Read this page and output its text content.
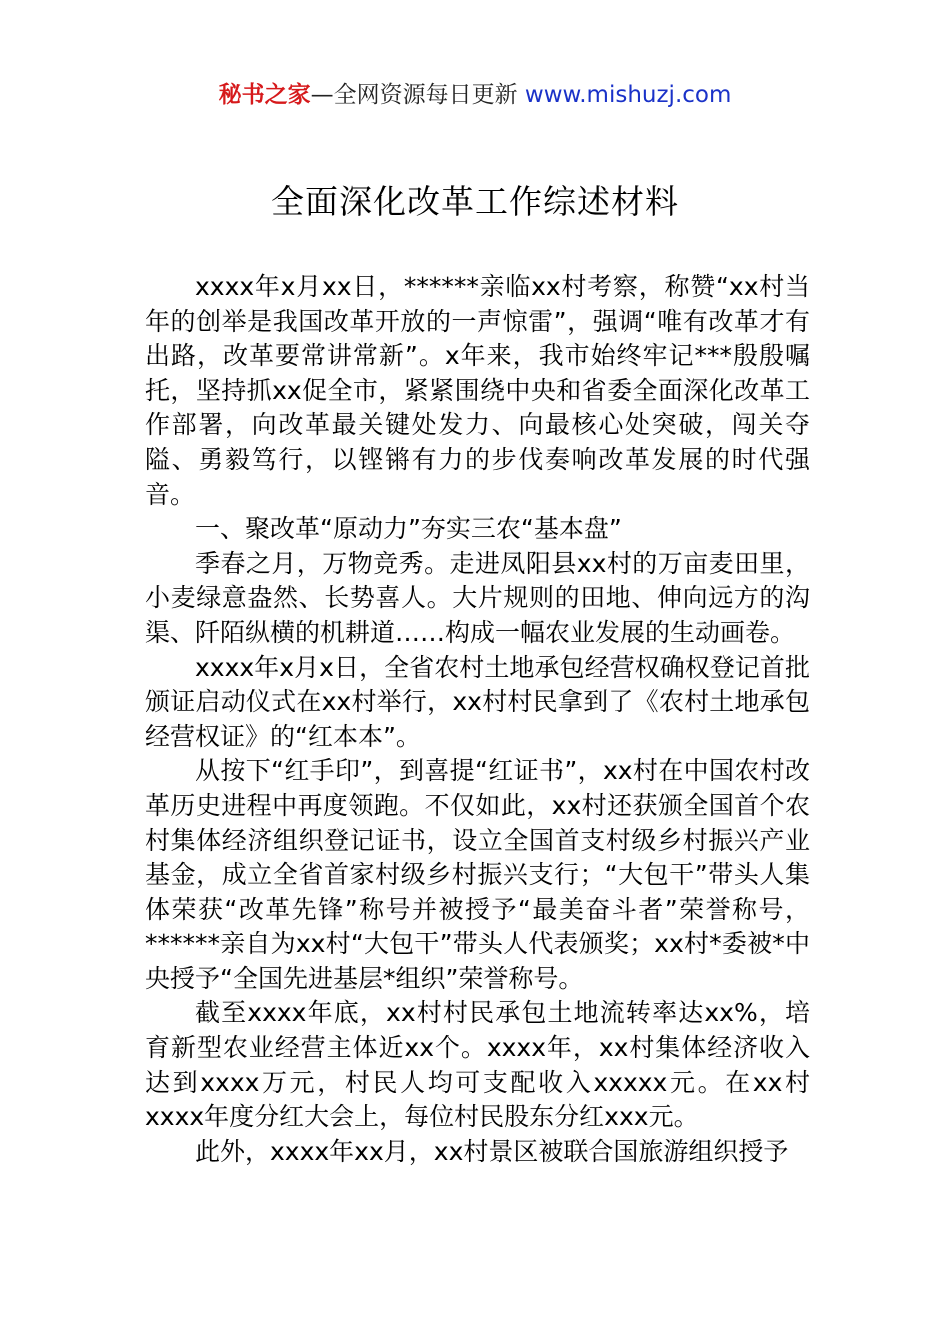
秘书之家—全网资源每日更新 www.mishuzj.com
全面深化改革工作综述材料

xxxx年x月xx日，******亲临xx村考察，称赞“xx村当年的创举是我国改革开放的一声惊雷”，强调“唯有改革才有出路，改革要常讲常新”。x年来，我市始终牢记***殷殷嘱托，坚持抓xx促全市，紧紧围绕中央和省委全面深化改革工作部署，向改革最关键处发力、向最核心处突破，闯关夺隘、勇毅笃行，以铿锵有力的步伐奏响改革发展的时代强音。

一、聚改革“原动力”夯实三农“基本盘”

季春之月，万物竞秀。走进凤阳县xx村的万亩麦田里，小麦绿意盎然、长势喜人。大片规则的田地、伸向远方的沟渠、阡陌纵横的机耕道……构成一幅农业发展的生动画卷。

xxxx年x月x日，全省农村土地承包经营权确权登记首批颁证启动仪式在xx村举行，xx村村民拿到了《农村土地承包经营权证》的“红本本”。

从按下“红手印”，到喜提“红证书”，xx村在中国农村改革历史进程中再度领跑。不仅如此，xx村还获颁全国首个农村集体经济组织登记证书，设立全国首支村级乡村振兴产业基金，成立全省首家村级乡村振兴支行；“大包干”带头人集体荣获“改革先锋”称号并被授予“最美奋斗者”荣誉称号，******亲自为xx村“大包干”带头人代表颁奖；xx村*委被*中央授予“全国先进基层*组织”荣誉称号。

截至xxxx年底，xx村村民承包土地流转率达xx%，培育新型农业经营主体近xx个。xxxx年，xx村集体经济收入达到xxxx万元，村民人均可支配收入xxxxx元。在xx村xxxx年度分红大会上，每位村民股东分红xxx元。

此外，xxxx年xx月，xx村景区被联合国旅游组织授予
